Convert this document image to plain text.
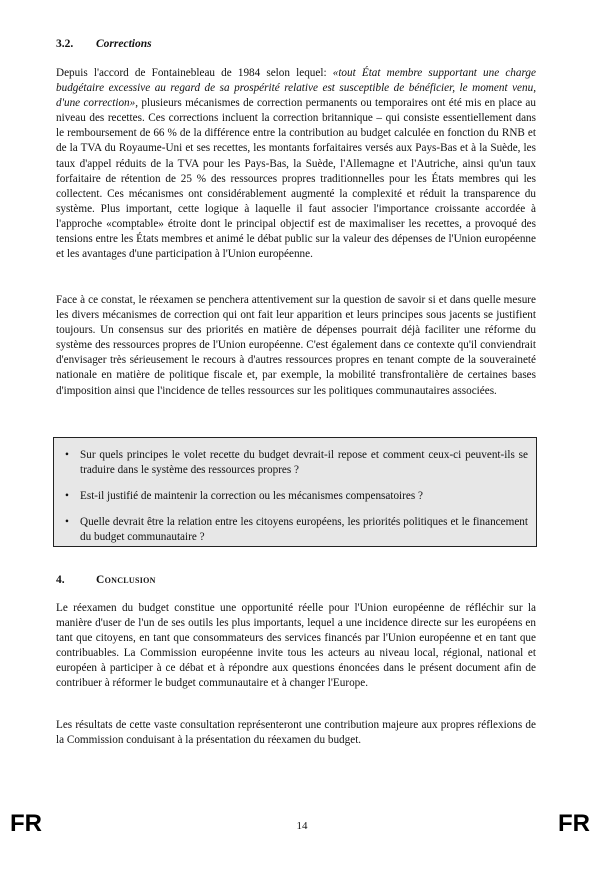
3.2. Corrections

Depuis l'accord de Fontainebleau de 1984 selon lequel: «tout État membre supportant une charge budgétaire excessive au regard de sa prospérité relative est susceptible de bénéficier, le moment venu, d'une correction», plusieurs mécanismes de correction permanents ou temporaires ont été mis en place au niveau des recettes. Ces corrections incluent la correction britannique – qui consiste essentiellement dans le remboursement de 66 % de la différence entre la contribution au budget calculée en fonction du RNB et de la TVA du Royaume-Uni et ses recettes, les montants forfaitaires versés aux Pays-Bas et à la Suède, les taux d'appel réduits de la TVA pour les Pays-Bas, la Suède, l'Allemagne et l'Autriche, ainsi qu'un taux forfaitaire de rétention de 25 % des ressources propres traditionnelles pour les États membres qui les collectent. Ces mécanismes ont considérablement augmenté la complexité et réduit la transparence du système. Plus important, cette logique à laquelle il faut associer l'importance croissante accordée à l'approche «comptable» étroite dont le principal objectif est de maximaliser les recettes, a provoqué des tensions entre les États membres et animé le débat public sur la valeur des dépenses de l'Union européenne et les avantages d'une participation à l'Union européenne.

Face à ce constat, le réexamen se penchera attentivement sur la question de savoir si et dans quelle mesure les divers mécanismes de correction qui ont fait leur apparition et leurs principes sous jacents se justifient toujours. Un consensus sur des priorités en matière de dépenses pourrait déjà faciliter une réforme du système des ressources propres de l'Union européenne. C'est également dans ce contexte qu'il conviendrait d'envisager très sérieusement le recours à d'autres ressources propres en tenant compte de la souveraineté nationale en matière de politique fiscale et, par exemple, la mobilité transfrontalière de certaines bases d'imposition ainsi que l'incidence de telles ressources sur les politiques communautaires associées.

• Sur quels principes le volet recette du budget devrait-il repose et comment ceux-ci peuvent-ils se traduire dans le système des ressources propres ?

• Est-il justifié de maintenir la correction ou les mécanismes compensatoires ?

• Quelle devrait être la relation entre les citoyens européens, les priorités politiques et le financement du budget communautaire ?

4.	Conclusion

Le réexamen du budget constitue une opportunité réelle pour l'Union européenne de réfléchir sur la manière d'user de l'un de ses outils les plus importants, lequel a une incidence directe sur les européens en tant que citoyens, en tant que consommateurs des services financés par l'Union européenne et en tant que contribuables. La Commission européenne invite tous les acteurs au niveau local, régional, national et européen à participer à ce débat et à répondre aux questions énoncées dans le présent document afin de contribuer à réformer le budget communautaire et à changer l'Europe.

Les résultats de cette vaste consultation représenteront une contribution majeure aux propres réflexions de la Commission conduisant à la présentation du réexamen du budget.

FR	14	FR
